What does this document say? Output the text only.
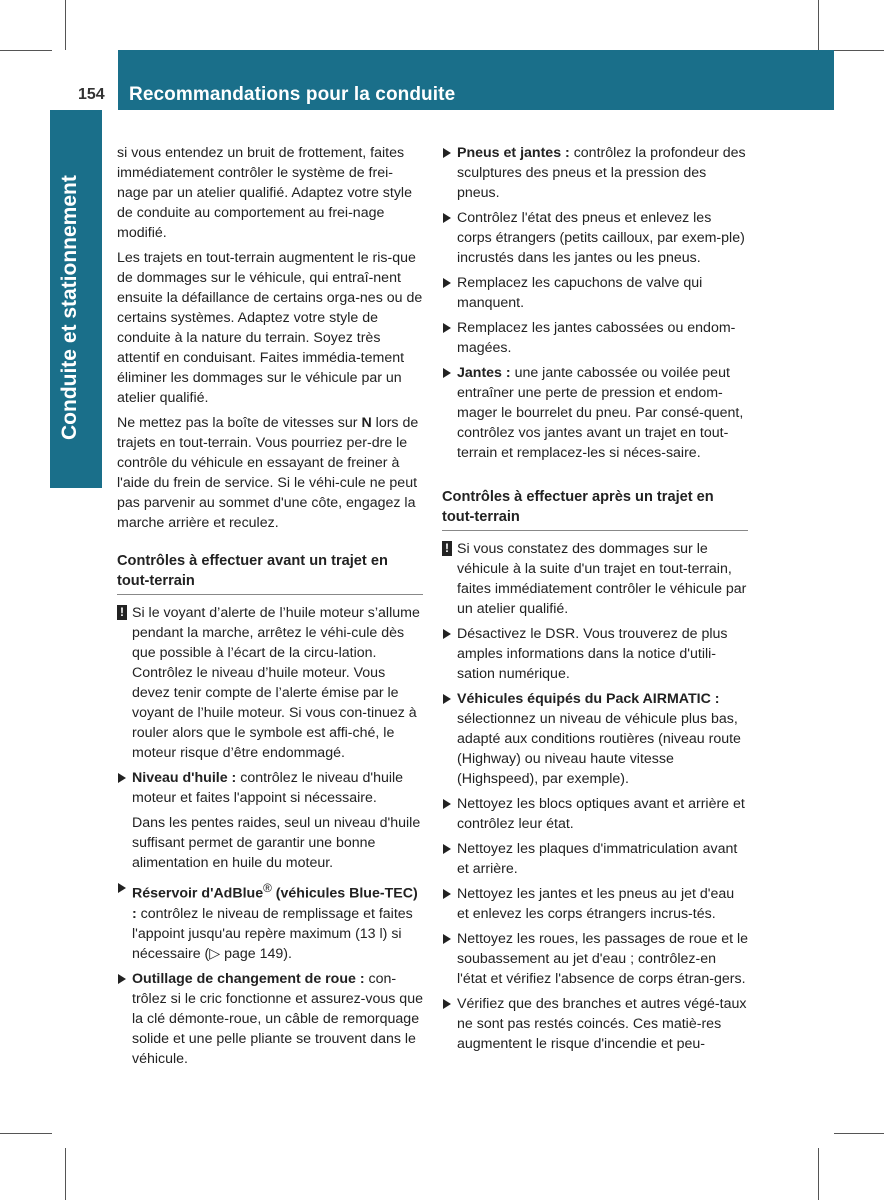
154 Recommandations pour la conduite
Conduite et stationnement

si vous entendez un bruit de frottement, faites immédiatement contrôler le système de frei-nage par un atelier qualifié. Adaptez votre style de conduite au comportement au frei-nage modifié.

Les trajets en tout-terrain augmentent le ris-que de dommages sur le véhicule, qui entraî-nent ensuite la défaillance de certains orga-nes ou de certains systèmes. Adaptez votre style de conduite à la nature du terrain. Soyez très attentif en conduisant. Faites immédia-tement éliminer les dommages sur le véhicule par un atelier qualifié.

Ne mettez pas la boîte de vitesses sur N lors de trajets en tout-terrain. Vous pourriez per-dre le contrôle du véhicule en essayant de freiner à l'aide du frein de service. Si le véhi-cule ne peut pas parvenir au sommet d'une côte, engagez la marche arrière et reculez.

Contrôles à effectuer avant un trajet en tout-terrain
! Si le voyant d’alerte de l’huile moteur s’allume pendant la marche, arrêtez le véhi-cule dès que possible à l’écart de la circu-lation. Contrôlez le niveau d’huile moteur. Vous devez tenir compte de l’alerte émise par le voyant de l’huile moteur. Si vous con-tinuez à rouler alors que le symbole est affi-ché, le moteur risque d’être endommagé.
Niveau d'huile : contrôlez le niveau d'huile moteur et faites l'appoint si nécessaire.

Dans les pentes raides, seul un niveau d'huile suffisant permet de garantir une bonne alimentation en huile du moteur.

Réservoir d'AdBlue® (véhicules Blue-TEC) : contrôlez le niveau de remplissage et faites l'appoint jusqu'au repère maximum (13 l) si nécessaire (▷ page 149).
Outillage de changement de roue : con-trôlez si le cric fonctionne et assurez-vous que la clé démonte-roue, un câble de remorquage solide et une pelle pliante se trouvent dans le véhicule.
Pneus et jantes : contrôlez la profondeur des sculptures des pneus et la pression des pneus.
Contrôlez l'état des pneus et enlevez les corps étrangers (petits cailloux, par exem-ple) incrustés dans les jantes ou les pneus.
Remplacez les capuchons de valve qui manquent.
Remplacez les jantes cabossées ou endom-magées.
Jantes : une jante cabossée ou voilée peut entraîner une perte de pression et endom-mager le bourrelet du pneu. Par consé-quent, contrôlez vos jantes avant un trajet en tout-terrain et remplacez-les si néces-saire.
Contrôles à effectuer après un trajet en tout-terrain
! Si vous constatez des dommages sur le véhicule à la suite d'un trajet en tout-terrain, faites immédiatement contrôler le véhicule par un atelier qualifié.
Désactivez le DSR. Vous trouverez de plus amples informations dans la notice d'utili-sation numérique.
Véhicules équipés du Pack AIRMATIC : sélectionnez un niveau de véhicule plus bas, adapté aux conditions routières (niveau route (Highway) ou niveau haute vitesse (Highspeed), par exemple).
Nettoyez les blocs optiques avant et arrière et contrôlez leur état.
Nettoyez les plaques d'immatriculation avant et arrière.
Nettoyez les jantes et les pneus au jet d'eau et enlevez les corps étrangers incrus-tés.
Nettoyez les roues, les passages de roue et le soubassement au jet d'eau ; contrôlez-en l'état et vérifiez l'absence de corps étran-gers.
Vérifiez que des branches et autres végé-taux ne sont pas restés coincés. Ces matiè-res augmentent le risque d'incendie et peu-
